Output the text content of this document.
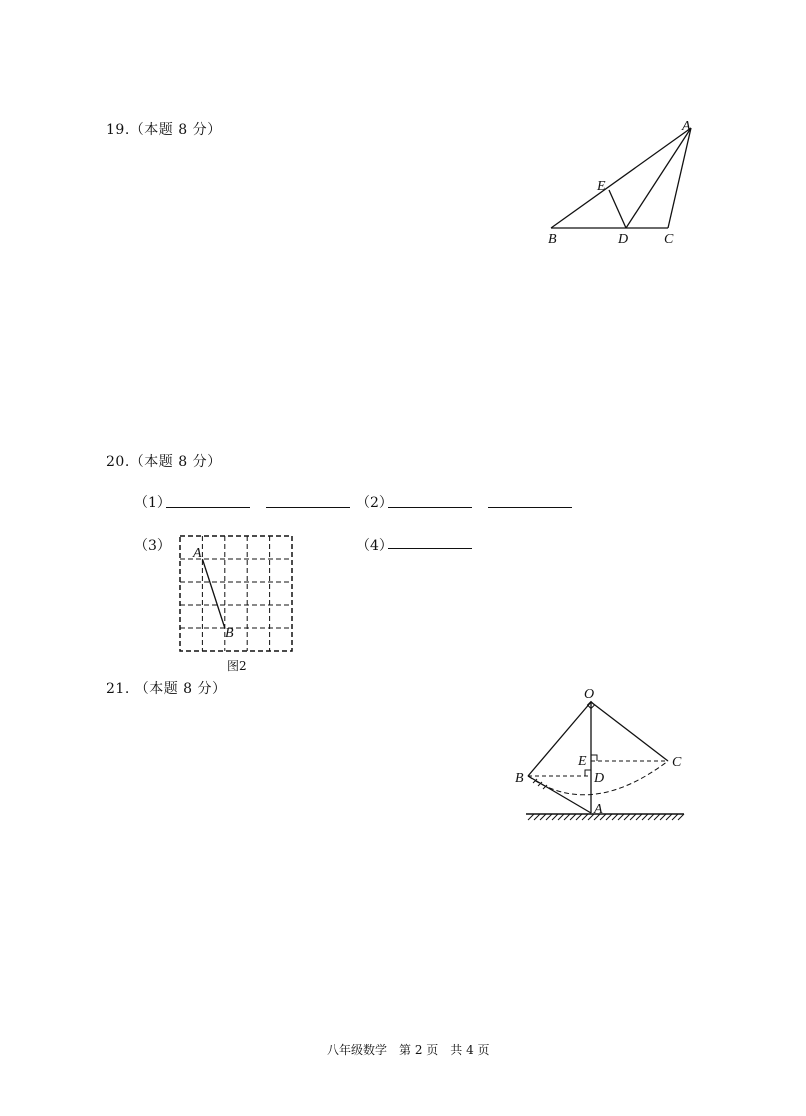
19.（本题 8 分）	A
B	C
D
E
20.（本题 8 分）
（1）	（2）
（3） A
B
图2
（4）
21. （本题 8 分）	O
B
C
E
D
A
八年级数学　第 2 页　共 4 页
